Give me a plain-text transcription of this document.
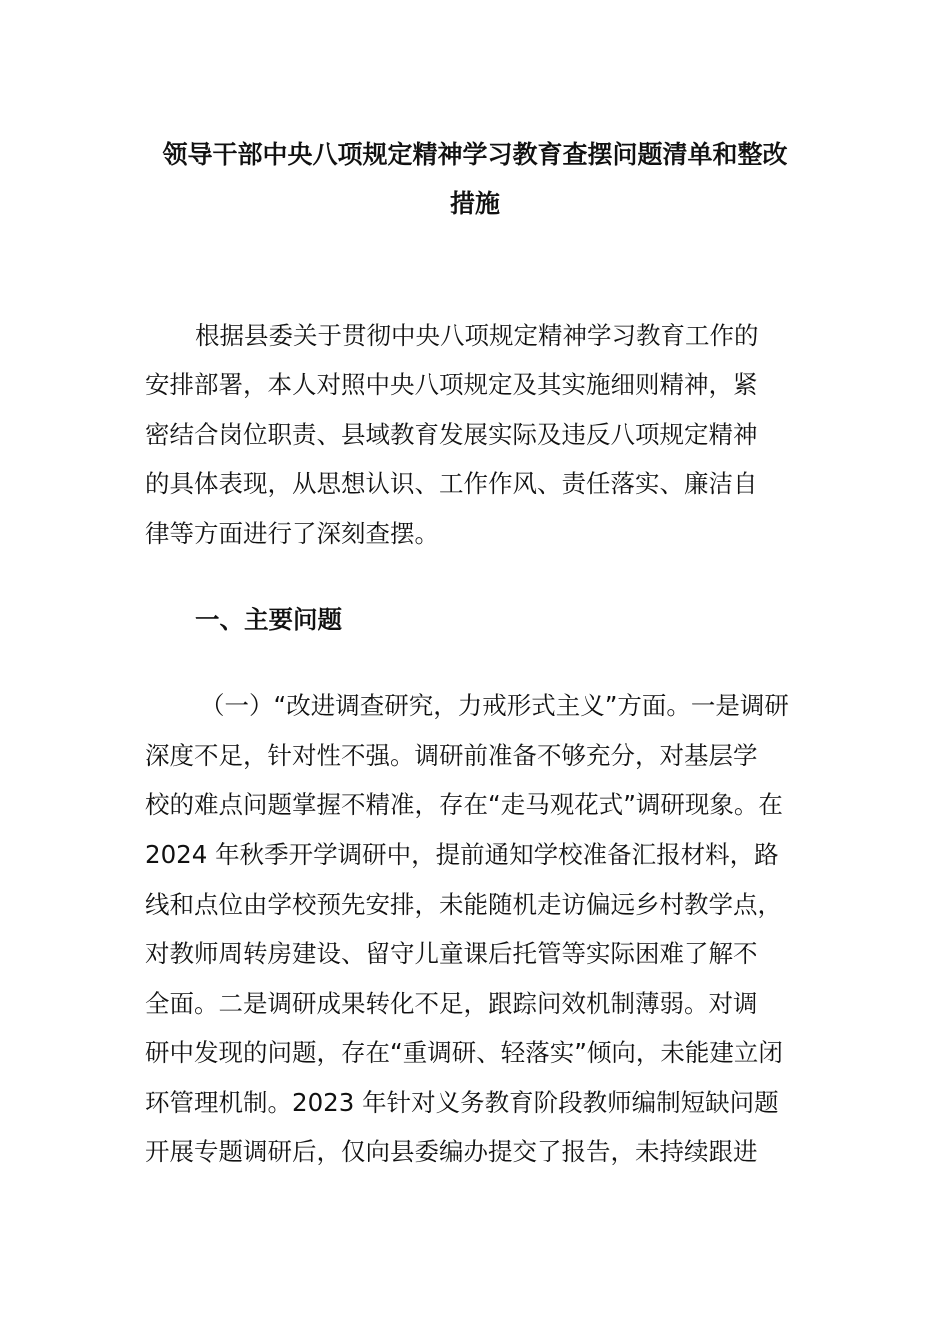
领导干部中央八项规定精神学习教育查摆问题清单和整改
措施
根据县委关于贯彻中央八项规定精神学习教育工作的
安排部署，本人对照中央八项规定及其实施细则精神，紧
密结合岗位职责、县域教育发展实际及违反八项规定精神
的具体表现，从思想认识、工作作风、责任落实、廉洁自
律等方面进行了深刻查摆。
一、主要问题
（一）“改进调查研究，力戒形式主义”方面。一是调研
深度不足，针对性不强。调研前准备不够充分，对基层学
校的难点问题掌握不精准，存在“走马观花式”调研现象。在
2024 年秋季开学调研中，提前通知学校准备汇报材料，路
线和点位由学校预先安排，未能随机走访偏远乡村教学点，
对教师周转房建设、留守儿童课后托管等实际困难了解不
全面。二是调研成果转化不足，跟踪问效机制薄弱。对调
研中发现的问题，存在“重调研、轻落实”倾向，未能建立闭
环管理机制。2023 年针对义务教育阶段教师编制短缺问题
开展专题调研后，仅向县委编办提交了报告，未持续跟进
